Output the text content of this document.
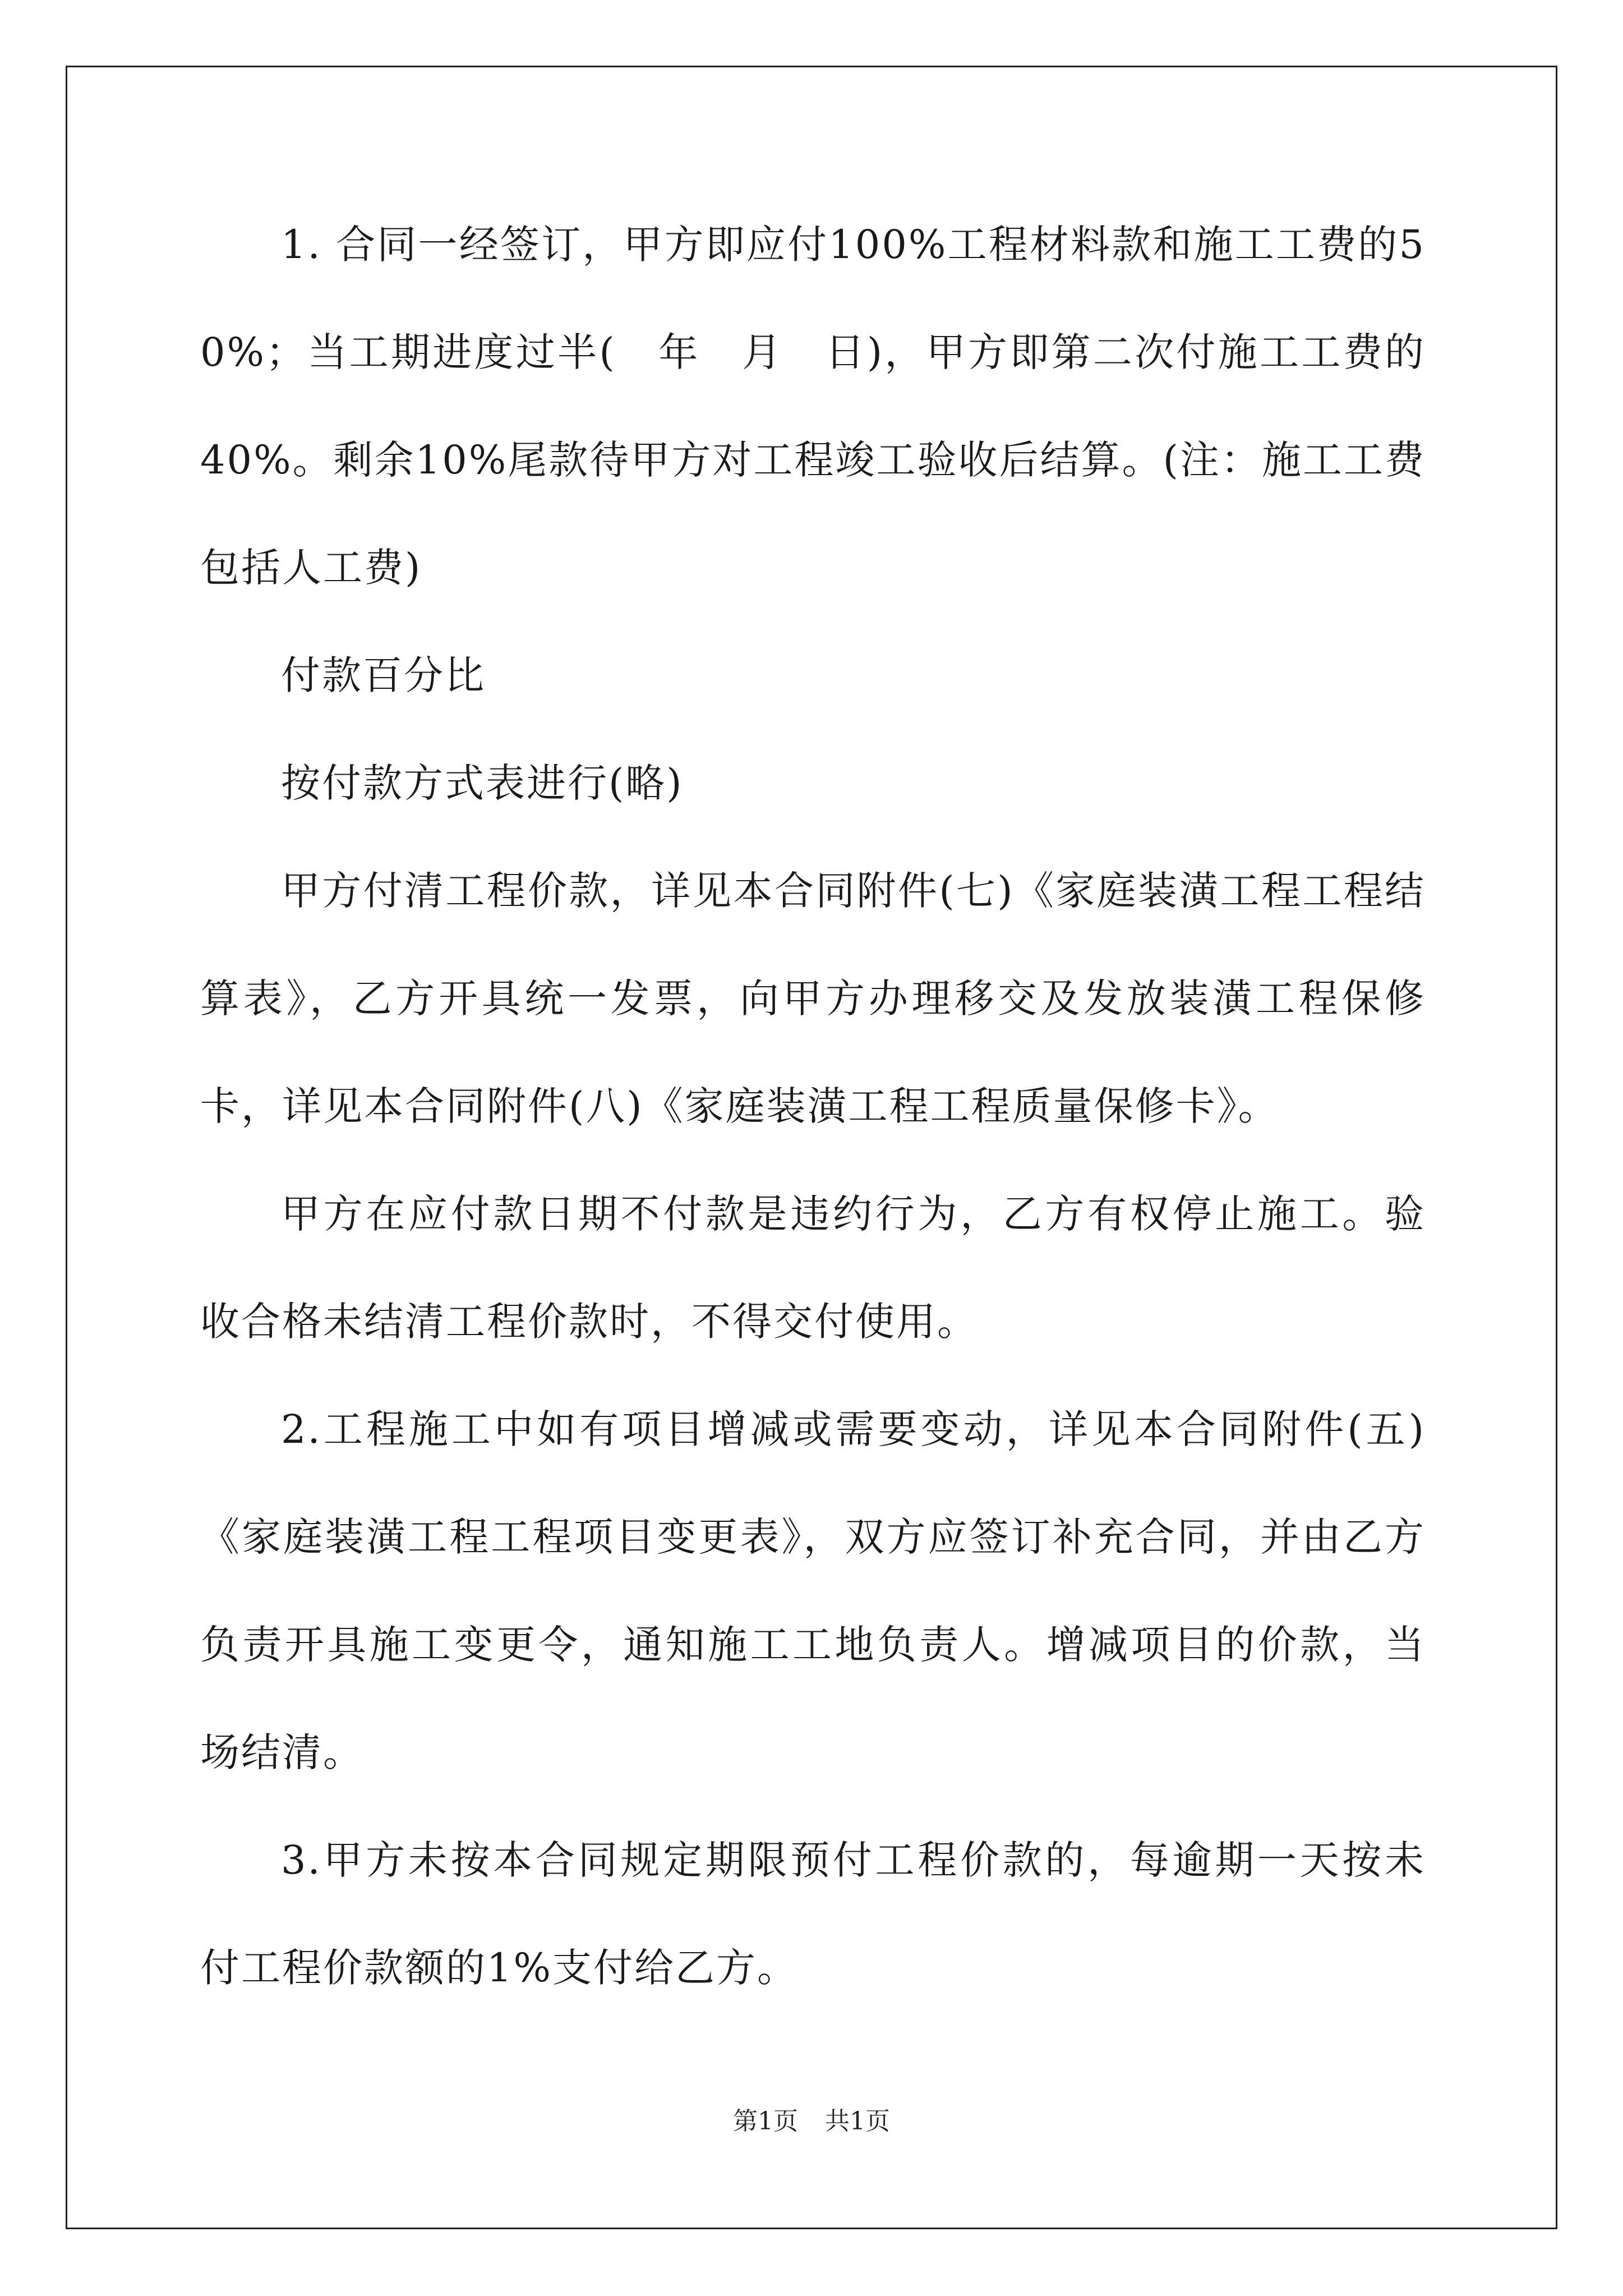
1. 合同一经签订，甲方即应付100%工程材料款和施工工费的50%；当工期进度过半(　年　月　日)，甲方即第二次付施工工费的40%。剩余10%尾款待甲方对工程竣工验收后结算。(注：施工工费包括人工费)

付款百分比

按付款方式表进行(略)

甲方付清工程价款，详见本合同附件(七)《家庭装潢工程工程结算表》，乙方开具统一发票，向甲方办理移交及发放装潢工程保修卡，详见本合同附件(八)《家庭装潢工程工程质量保修卡》。

甲方在应付款日期不付款是违约行为，乙方有权停止施工。验收合格未结清工程价款时，不得交付使用。

2.工程施工中如有项目增减或需要变动，详见本合同附件(五)《家庭装潢工程工程项目变更表》，双方应签订补充合同，并由乙方负责开具施工变更令，通知施工工地负责人。增减项目的价款，当场结清。

3.甲方未按本合同规定期限预付工程价款的，每逾期一天按未付工程价款额的1%支付给乙方。

第1页 共1页
